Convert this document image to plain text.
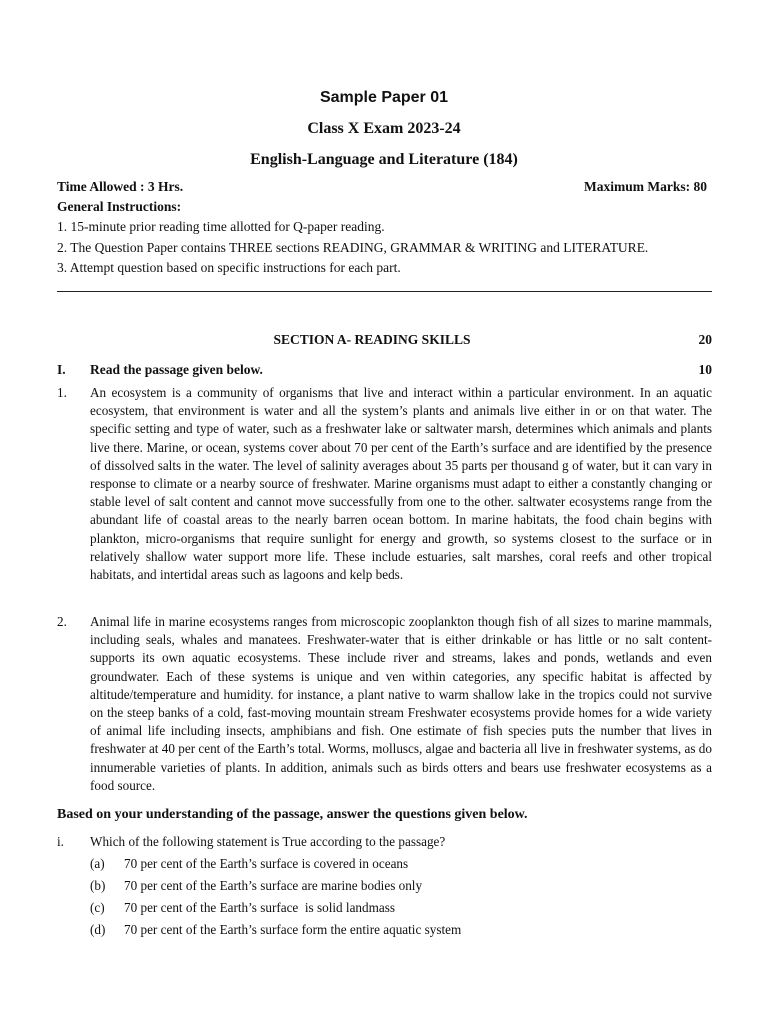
Sample Paper 01
Class X Exam 2023-24
English-Language and Literature (184)
Time Allowed : 3 Hrs.	Maximum Marks: 80
General Instructions:
1. 15-minute prior reading time allotted for Q-paper reading.
2. The Question Paper contains THREE sections READING, GRAMMAR & WRITING and LITERATURE.
3. Attempt question based on specific instructions for each part.
SECTION A- READING SKILLS	20
I. Read the passage given below.	10
1. An ecosystem is a community of organisms that live and interact within a particular environment. In an aquatic ecosystem, that environment is water and all the system’s plants and animals live either in or on that water. The specific setting and type of water, such as a freshwater lake or saltwater marsh, determines which animals and plants live there. Marine, or ocean, systems cover about 70 per cent of the Earth’s surface and are identified by the presence of dissolved salts in the water. The level of salinity averages about 35 parts per thousand g of water, but it can vary in response to climate or a nearby source of freshwater. Marine organisms must adapt to either a constantly changing or stable level of salt content and cannot move successfully from one to the other. saltwater ecosystems range from the abundant life of coastal areas to the nearly barren ocean bottom. In marine habitats, the food chain begins with plankton, micro-organisms that require sunlight for energy and growth, so systems closest to the surface or in relatively shallow water support more life. These include estuaries, salt marshes, coral reefs and other tropical habitats, and intertidal areas such as lagoons and kelp beds.
2. Animal life in marine ecosystems ranges from microscopic zooplankton though fish of all sizes to marine mammals, including seals, whales and manatees. Freshwater-water that is either drinkable or has little or no salt content-supports its own aquatic ecosystems. These include river and streams, lakes and ponds, wetlands and even groundwater. Each of these systems is unique and ven within categories, any specific habitat is affected by altitude/temperature and humidity. for instance, a plant native to warm shallow lake in the tropics could not survive on the steep banks of a cold, fast-moving mountain stream Freshwater ecosystems provide homes for a wide variety of animal life including insects, amphibians and fish. One estimate of fish species puts the number that lives in freshwater at 40 per cent of the Earth’s total. Worms, molluscs, algae and bacteria all live in freshwater systems, as do innumerable varieties of plants. In addition, animals such as birds otters and bears use freshwater ecosystems as a food source.
Based on your understanding of the passage, answer the questions given below.
i. Which of the following statement is True according to the passage?
(a) 70 per cent of the Earth’s surface is covered in oceans
(b) 70 per cent of the Earth’s surface are marine bodies only
(c) 70 per cent of the Earth’s surface  is solid landmass
(d) 70 per cent of the Earth’s surface form the entire aquatic system
